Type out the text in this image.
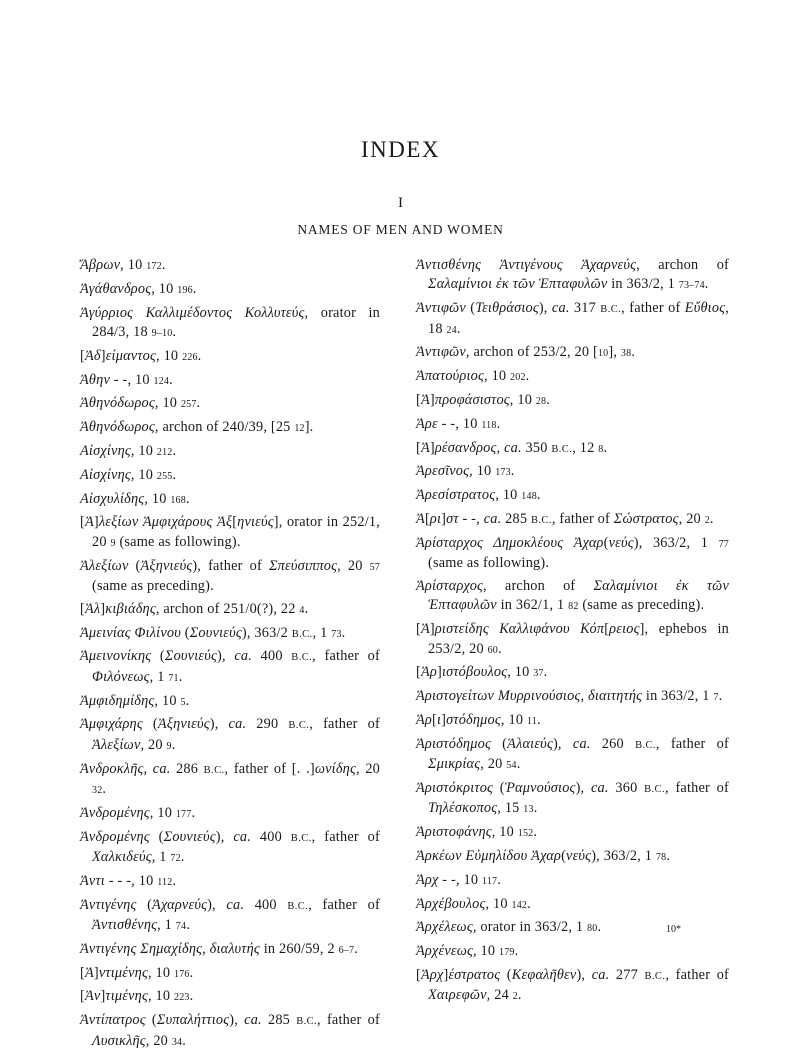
INDEX
I
NAMES OF MEN AND WOMEN

Ἄβρων, 10 172.

Ἀγάθανδρος, 10 196.

Ἀγύρριος Καλλιμέδοντος Κολλυτεύς, orator in 284/3, 18 9–10.

[Ἀδ]είμαντος, 10 226.

Ἀθην - -, 10 124.

Ἀθηνόδωρος, 10 257.

Ἀθηνόδωρος, archon of 240/39, [25 12].

Αἰσχίνης, 10 212.

Αἰσχίνης, 10 255.

Αἰσχυλίδης, 10 168.

[Ἀ]λεξίων Ἀμφιχάρους Ἀξ[ηνιεύς], orator in 252/1, 20 9 (same as following).

Ἀλεξίων (Ἀξηνιεύς), father of Σπεύσιππος, 20 57 (same as preceding).

[Ἀλ]κιβιάδης, archon of 251/0(?), 22 4.

Ἀμεινίας Φιλίνου (Σουνιεύς), 363/2 B.C., 1 73.

Ἀμεινονίκης (Σουνιεύς), ca. 400 B.C., father of Φιλόνεως, 1 71.

Ἀμφιδημίδης, 10 5.

Ἀμφιχάρης (Ἀξηνιεύς), ca. 290 B.C., father of Ἀλεξίων, 20 9.

Ἀνδροκλῆς, ca. 286 B.C., father of [. .]ωνίδης, 20 32.

Ἀνδρομένης, 10 177.

Ἀνδρομένης (Σουνιεύς), ca. 400 B.C., father of Χαλκιδεύς, 1 72.

Ἀντι - - -, 10 112.

Ἀντιγένης (Ἀχαρνεύς), ca. 400 B.C., father of Ἀντισθένης, 1 74.

Ἀντιγένης Σημαχίδης, διαλυτής in 260/59, 2 6–7.

[Ἀ]ντιμένης, 10 176.

[Ἀν]τιμένης, 10 223.

Ἀντίπατρος (Συπαλήττιος), ca. 285 B.C., father of Λυσικλῆς, 20 34.

Ἀντισθένης Ἀντιγένους Ἀχαρνεύς, archon of Σαλαμίνιοι ἐκ τῶν Ἑπταφυλῶν in 363/2, 1 73–74.

Ἀντιφῶν (Τειθράσιος), ca. 317 B.C., father of Εὔθιος, 18 24.

Ἀντιφῶν, archon of 253/2, 20 [10], 38.

Ἀπατούριος, 10 202.

[Ἀ]προφάσιστος, 10 28.

Ἀρε - -, 10 118.

[Ἀ]ρέσανδρος, ca. 350 B.C., 12 8.

Ἀρεσῖνος, 10 173.

Ἀρεσίστρατος, 10 148.

Ἀ[ρι]στ - -, ca. 285 B.C., father of Σώστρατος, 20 2.

Ἀρίσταρχος Δημοκλέους Ἀχαρ(νεύς), 363/2, 1 77 (same as following).

Ἀρίσταρχος, archon of Σαλαμίνιοι ἐκ τῶν Ἑπταφυλῶν in 362/1, 1 82 (same as preceding).

[Ἀ]ριστείδης Καλλιφάνου Κόπ[ρειος], ephebos in 253/2, 20 60.

[Ἀρ]ιστόβουλος, 10 37.

Ἀριστογείτων Μυρρινούσιος, διαιτητής in 363/2, 1 7.

Ἀρ[ι]στόδημος, 10 11.

Ἀριστόδημος (Ἁλαιεύς), ca. 260 B.C., father of Σμικρίας, 20 54.

Ἀριστόκριτος (Ῥαμνούσιος), ca. 360 B.C., father of Τηλέσκοπος, 15 13.

Ἀριστοφάνης, 10 152.

Ἀρκέων Εὐμηλίδου Ἀχαρ(νεύς), 363/2, 1 78.

Ἀρχ - -, 10 117.

Ἀρχέβουλος, 10 142.

Ἀρχέλεως, orator in 363/2, 1 80.

Ἀρχένεως, 10 179.

[Ἀρχ]έστρατος (Κεφαλῆθεν), ca. 277 B.C., father of Χαιρεφῶν, 24 2.

10*
